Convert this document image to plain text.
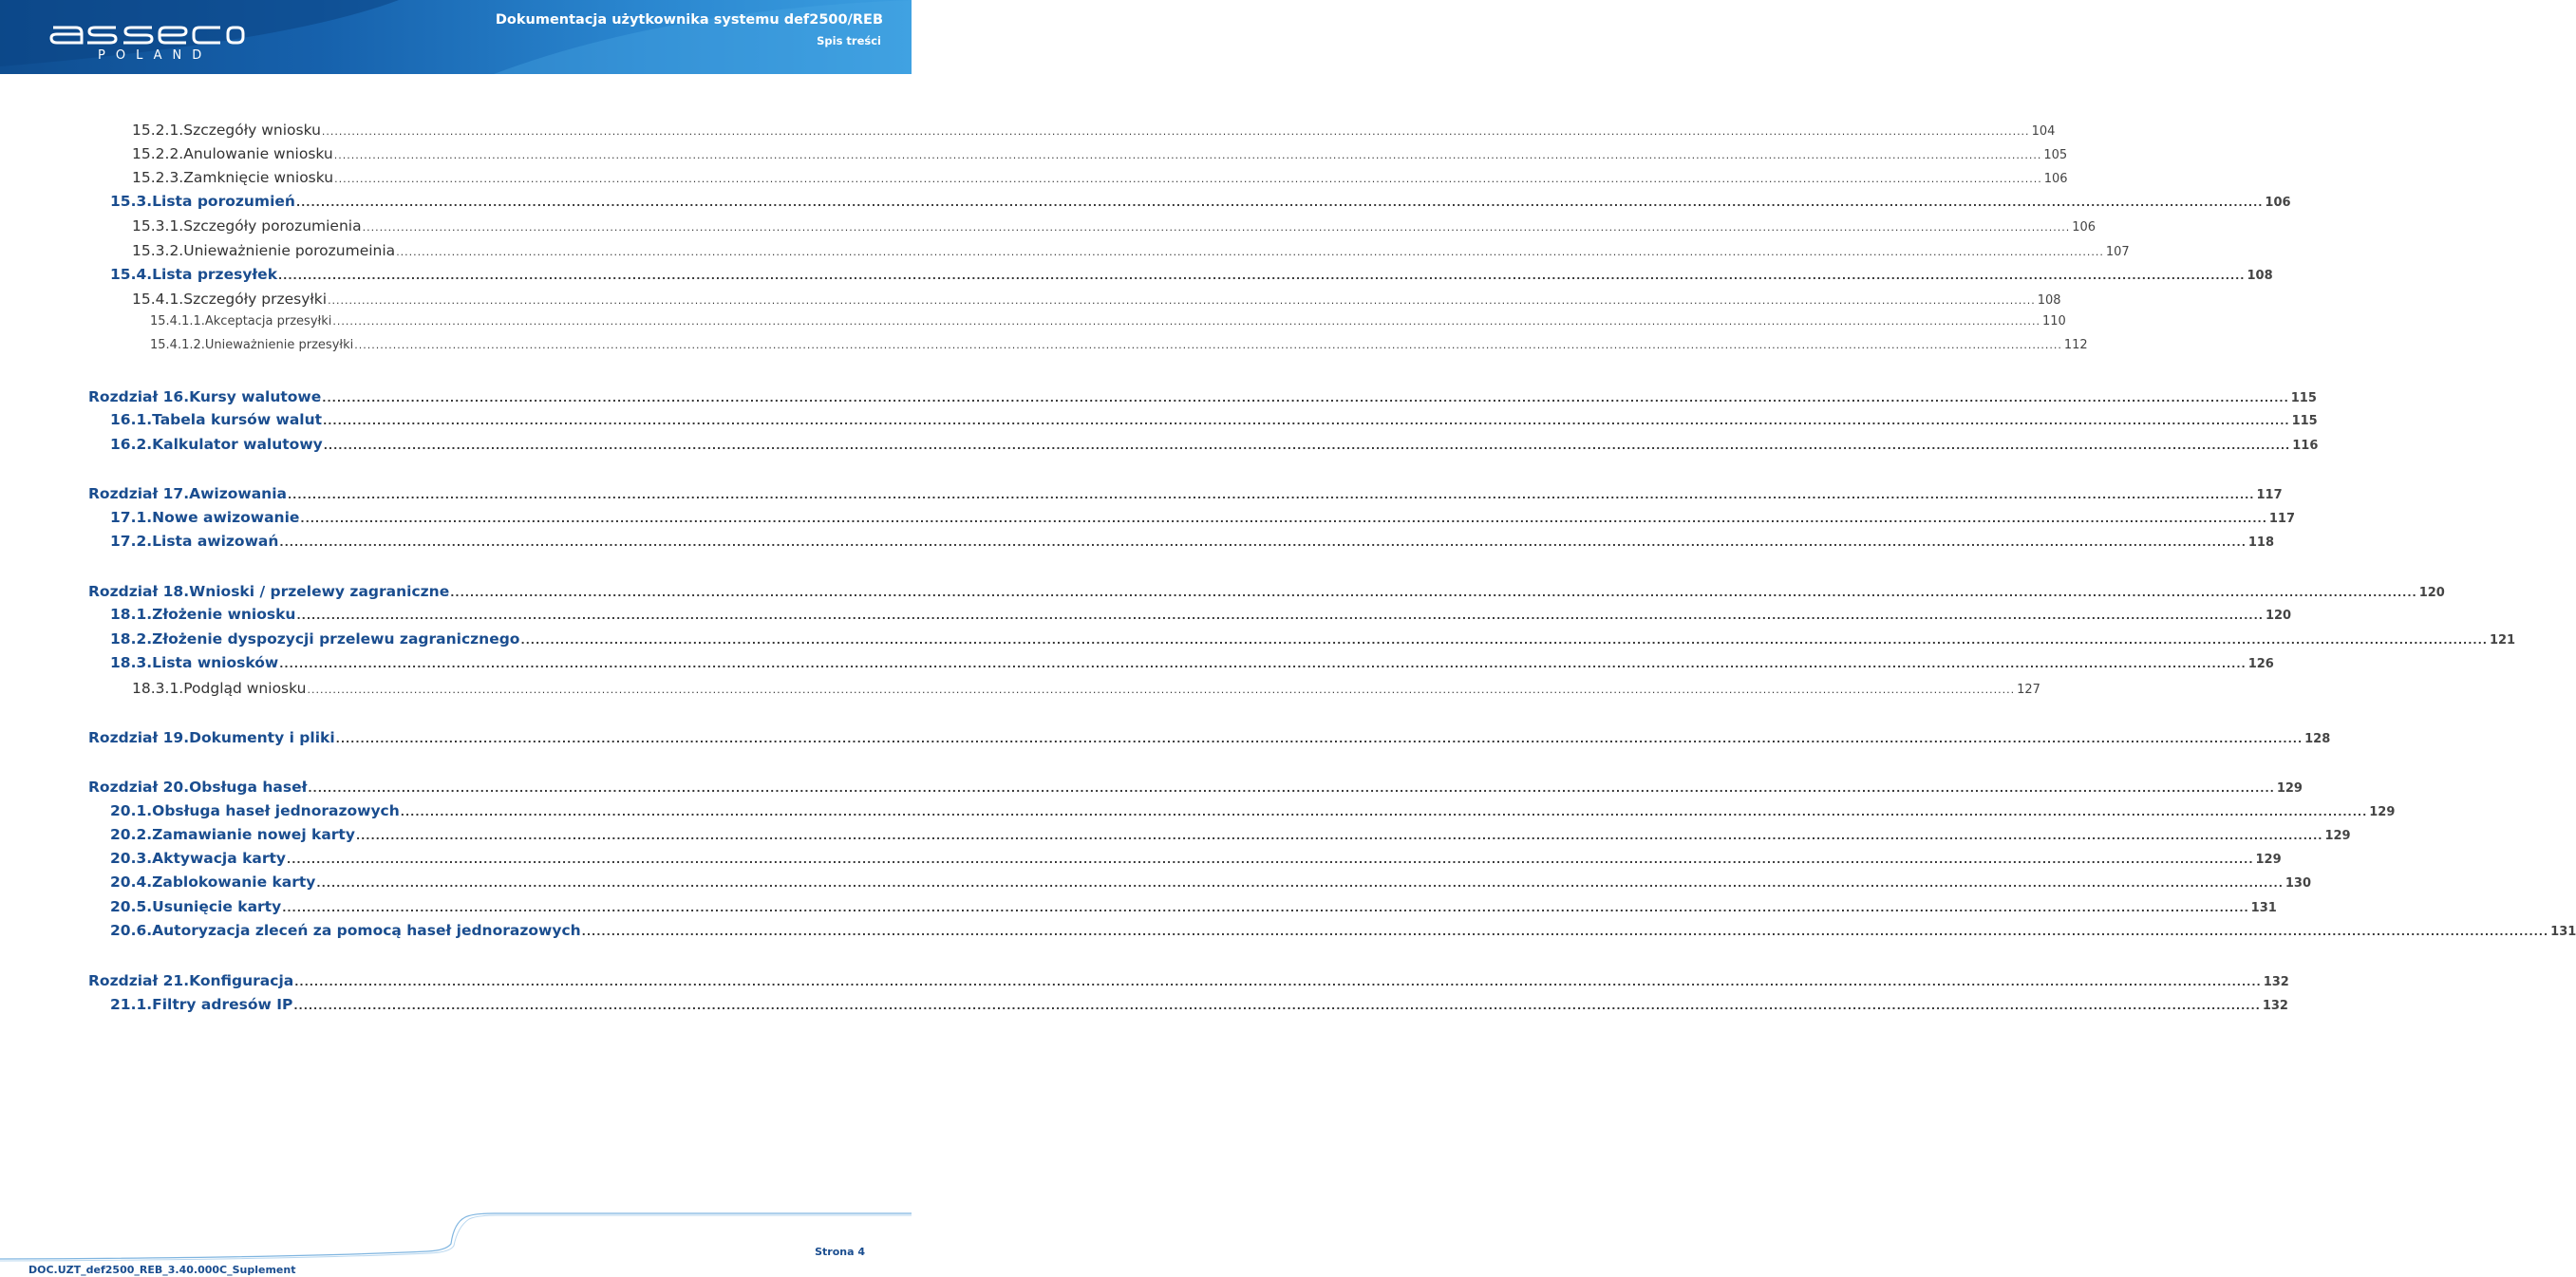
POLAND
Dokumentacja użytkownika systemu def2500/REB
Spis treści
15.2.1. Szczegóły wniosku ................................................................................................................................................................................................................................................................................................................................................................................................................ 104
15.2.2. Anulowanie wniosku ................................................................................................................................................................................................................................................................................................................................................................................................................ 105
15.2.3. Zamknięcie wniosku ................................................................................................................................................................................................................................................................................................................................................................................................................ 106
15.3. Lista porozumień ................................................................................................................................................................................................................................................................................................................................................................................................................ 106
15.3.1. Szczegóły porozumienia ................................................................................................................................................................................................................................................................................................................................................................................................................ 106
15.3.2. Unieważnienie porozumeinia ................................................................................................................................................................................................................................................................................................................................................................................................................ 107
15.4. Lista przesyłek ................................................................................................................................................................................................................................................................................................................................................................................................................ 108
15.4.1. Szczegóły przesyłki ................................................................................................................................................................................................................................................................................................................................................................................................................ 108
15.4.1.1. Akceptacja przesyłki ................................................................................................................................................................................................................................................................................................................................................................................................................ 110
15.4.1.2. Unieważnienie przesyłki ................................................................................................................................................................................................................................................................................................................................................................................................................ 112
Rozdział 16. Kursy walutowe ................................................................................................................................................................................................................................................................................................................................................................................................................ 115
16.1. Tabela kursów walut ................................................................................................................................................................................................................................................................................................................................................................................................................ 115
16.2. Kalkulator walutowy ................................................................................................................................................................................................................................................................................................................................................................................................................ 116
Rozdział 17. Awizowania ................................................................................................................................................................................................................................................................................................................................................................................................................ 117
17.1. Nowe awizowanie ................................................................................................................................................................................................................................................................................................................................................................................................................ 117
17.2. Lista awizowań ................................................................................................................................................................................................................................................................................................................................................................................................................ 118
Rozdział 18. Wnioski / przelewy zagraniczne ................................................................................................................................................................................................................................................................................................................................................................................................................ 120
18.1. Złożenie wniosku ................................................................................................................................................................................................................................................................................................................................................................................................................ 120
18.2. Złożenie dyspozycji przelewu zagranicznego ................................................................................................................................................................................................................................................................................................................................................................................................................ 121
18.3. Lista wniosków ................................................................................................................................................................................................................................................................................................................................................................................................................ 126
18.3.1. Podgląd wniosku ................................................................................................................................................................................................................................................................................................................................................................................................................ 127
Rozdział 19. Dokumenty i pliki ................................................................................................................................................................................................................................................................................................................................................................................................................ 128
Rozdział 20. Obsługa haseł ................................................................................................................................................................................................................................................................................................................................................................................................................ 129
20.1. Obsługa haseł jednorazowych ................................................................................................................................................................................................................................................................................................................................................................................................................ 129
20.2. Zamawianie nowej karty ................................................................................................................................................................................................................................................................................................................................................................................................................ 129
20.3. Aktywacja karty ................................................................................................................................................................................................................................................................................................................................................................................................................ 129
20.4. Zablokowanie karty ................................................................................................................................................................................................................................................................................................................................................................................................................ 130
20.5. Usunięcie karty ................................................................................................................................................................................................................................................................................................................................................................................................................ 131
20.6. Autoryzacja zleceń za pomocą haseł jednorazowych ................................................................................................................................................................................................................................................................................................................................................................................................................ 131
Rozdział 21. Konfiguracja ................................................................................................................................................................................................................................................................................................................................................................................................................ 132
21.1. Filtry adresów IP ................................................................................................................................................................................................................................................................................................................................................................................................................ 132
DOC.UZT_def2500_REB_3.40.000C_Suplement
Strona 4
